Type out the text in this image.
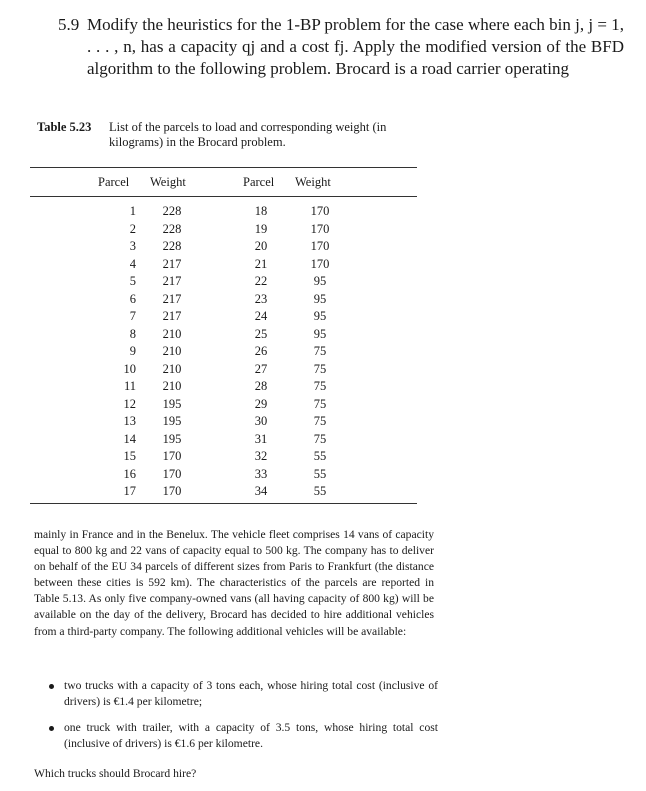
5.9 Modify the heuristics for the 1-BP problem for the case where each bin j, j = 1, . . . , n, has a capacity qj and a cost fj. Apply the modified version of the BFD algorithm to the following problem. Brocard is a road carrier operating
Table 5.23 List of the parcels to load and corresponding weight (in kilograms) in the Brocard problem.
Parcel Weight	Parcel Weight
1
2
3
4
5
6
7
8
9
10
11
12
13
14
15
16
17
228
228
228
217
217
217
217
210
210
210
210
195
195
195
170
170
170
18
19
20
21
22
23
24
25
26
27
28
29
30
31
32
33
34
170
170
170
170
95
95
95
95
75
75
75
75
75
75
55
55
55
mainly in France and in the Benelux. The vehicle fleet comprises 14 vans of capacity equal to 800 kg and 22 vans of capacity equal to 500 kg. The company has to deliver on behalf of the EU 34 parcels of different sizes from Paris to Frankfurt (the distance between these cities is 592 km). The characteristics of the parcels are reported in Table 5.13. As only five company-owned vans (all having capacity of 800 kg) will be available on the day of the delivery, Brocard has decided to hire additional vehicles from a third-party company. The following additional vehicles will be available:
two trucks with a capacity of 3 tons each, whose hiring total cost (inclusive of drivers) is €1.4 per kilometre;
one truck with trailer, with a capacity of 3.5 tons, whose hiring total cost (inclusive of drivers) is €1.6 per kilometre.
Which trucks should Brocard hire?
